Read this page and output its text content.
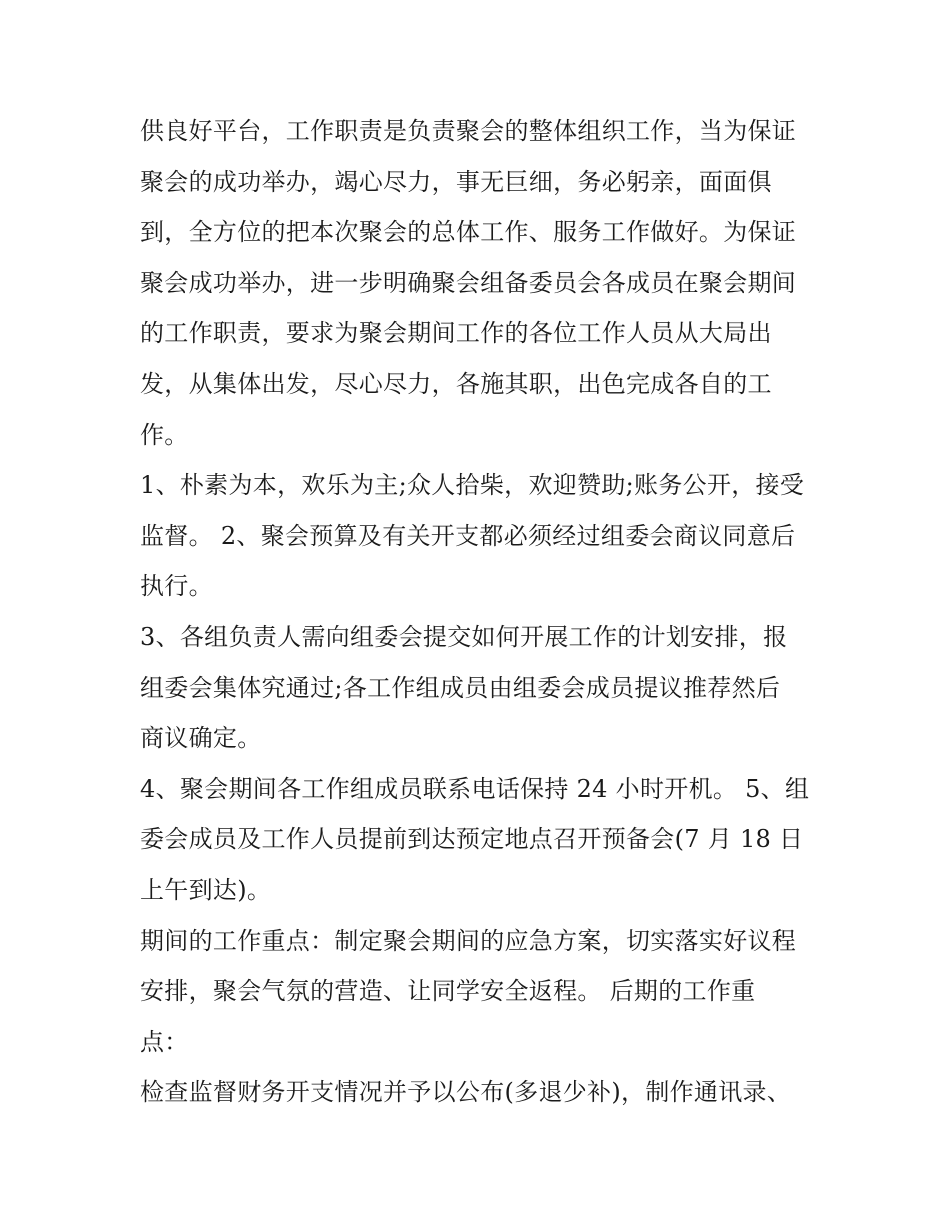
供良好平台，工作职责是负责聚会的整体组织工作，当为保证
聚会的成功举办，竭心尽力，事无巨细，务必躬亲，面面俱
到，全方位的把本次聚会的总体工作、服务工作做好。为保证
聚会成功举办，进一步明确聚会组备委员会各成员在聚会期间
的工作职责，要求为聚会期间工作的各位工作人员从大局出
发，从集体出发，尽心尽力，各施其职，出色完成各自的工
作。
1、朴素为本，欢乐为主;众人拾柴，欢迎赞助;账务公开，接受
监督。 2、聚会预算及有关开支都必须经过组委会商议同意后
执行。
3、各组负责人需向组委会提交如何开展工作的计划安排，报
组委会集体究通过;各工作组成员由组委会成员提议推荐然后
商议确定。
4、聚会期间各工作组成员联系电话保持 24 小时开机。 5、组
委会成员及工作人员提前到达预定地点召开预备会(7 月 18 日
上午到达)。
期间的工作重点：制定聚会期间的应急方案，切实落实好议程
安排，聚会气氛的营造、让同学安全返程。 后期的工作重
点：
检查监督财务开支情况并予以公布(多退少补)，制作通讯录、
